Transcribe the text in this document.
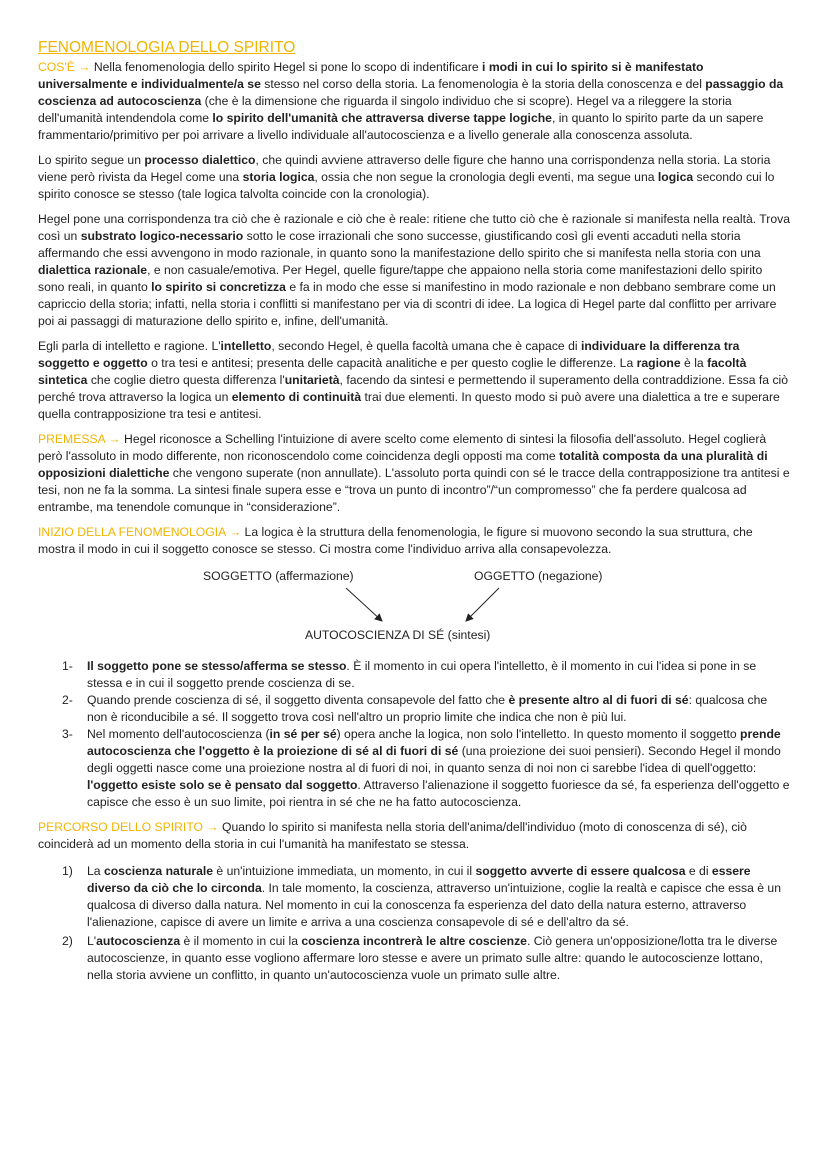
FENOMENOLOGIA DELLO SPIRITO

COS'È → Nella fenomenologia dello spirito Hegel si pone lo scopo di indentificare i modi in cui lo spirito si è manifestato universalmente e individualmente/a se stesso nel corso della storia. La fenomenologia è la storia della conoscenza e del passaggio da coscienza ad autocoscienza (che è la dimensione che riguarda il singolo individuo che si scopre). Hegel va a rileggere la storia dell'umanità intendendola come lo spirito dell'umanità che attraversa diverse tappe logiche, in quanto lo spirito parte da un sapere frammentario/primitivo per poi arrivare a livello individuale all'autocoscienza e a livello generale alla conoscenza assoluta.

Lo spirito segue un processo dialettico, che quindi avviene attraverso delle figure che hanno una corrispondenza nella storia. La storia viene però rivista da Hegel come una storia logica, ossia che non segue la cronologia degli eventi, ma segue una logica secondo cui lo spirito conosce se stesso (tale logica talvolta coincide con la cronologia).

Hegel pone una corrispondenza tra ciò che è razionale e ciò che è reale: ritiene che tutto ciò che è razionale si manifesta nella realtà. Trova così un substrato logico-necessario sotto le cose irrazionali che sono successe, giustificando così gli eventi accaduti nella storia affermando che essi avvengono in modo razionale, in quanto sono la manifestazione dello spirito che si manifesta nella storia con una dialettica razionale, e non casuale/emotiva. Per Hegel, quelle figure/tappe che appaiono nella storia come manifestazioni dello spirito sono reali, in quanto lo spirito si concretizza e fa in modo che esse si manifestino in modo razionale e non debbano sembrare come un capriccio della storia; infatti, nella storia i conflitti si manifestano per via di scontri di idee. La logica di Hegel parte dal conflitto per arrivare poi ai passaggi di maturazione dello spirito e, infine, dell'umanità.

Egli parla di intelletto e ragione. L'intelletto, secondo Hegel, è quella facoltà umana che è capace di individuare la differenza tra soggetto e oggetto o tra tesi e antitesi; presenta delle capacità analitiche e per questo coglie le differenze. La ragione è la facoltà sintetica che coglie dietro questa differenza l'unitarietà, facendo da sintesi e permettendo il superamento della contraddizione. Essa fa ciò perché trova attraverso la logica un elemento di continuità trai due elementi. In questo modo si può avere una dialettica a tre e superare quella contrapposizione tra tesi e antitesi.

PREMESSA → Hegel riconosce a Schelling l'intuizione di avere scelto come elemento di sintesi la filosofia dell'assoluto. Hegel coglierà però l'assoluto in modo differente, non riconoscendolo come coincidenza degli opposti ma come totalità composta da una pluralità di opposizioni dialettiche che vengono superate (non annullate). L'assoluto porta quindi con sé le tracce della contrapposizione tra antitesi e tesi, non ne fa la somma. La sintesi finale supera esse e “trova un punto di incontro”/“un compromesso” che fa perdere qualcosa ad entrambe, ma tenendole comunque in “considerazione”.

INIZIO DELLA FENOMENOLOGIA → La logica è la struttura della fenomenologia, le figure si muovono secondo la sua struttura, che mostra il modo in cui il soggetto conosce se stesso. Ci mostra come l'individuo arriva alla consapevolezza.

SOGGETTO (affermazione)	OGGETTO (negazione)
AUTOCOSCIENZA DI SÉ (sintesi)
1- Il soggetto pone se stesso/afferma se stesso. È il momento in cui opera l'intelletto, è il momento in cui l'idea si pone in se stessa e in cui il soggetto prende coscienza di se.
2- Quando prende coscienza di sé, il soggetto diventa consapevole del fatto che è presente altro al di fuori di sé: qualcosa che non è riconducibile a sé. Il soggetto trova così nell'altro un proprio limite che indica che non è più lui.
3- Nel momento dell'autocoscienza (in sé per sé) opera anche la logica, non solo l'intelletto. In questo momento il soggetto prende autocoscienza che l'oggetto è la proiezione di sé al di fuori di sé (una proiezione dei suoi pensieri). Secondo Hegel il mondo degli oggetti nasce come una proiezione nostra al di fuori di noi, in quanto senza di noi non ci sarebbe l'idea di quell'oggetto: l'oggetto esiste solo se è pensato dal soggetto. Attraverso l'alienazione il soggetto fuoriesce da sé, fa esperienza dell'oggetto e capisce che esso è un suo limite, poi rientra in sé che ne ha fatto autocoscienza.

PERCORSO DELLO SPIRITO → Quando lo spirito si manifesta nella storia dell'anima/dell'individuo (moto di conoscenza di sé), ciò coinciderà ad un momento della storia in cui l'umanità ha manifestato se stessa.

1) La coscienza naturale è un'intuizione immediata, un momento, in cui il soggetto avverte di essere qualcosa e di essere diverso da ciò che lo circonda. In tale momento, la coscienza, attraverso un'intuizione, coglie la realtà e capisce che essa è un qualcosa di diverso dalla natura. Nel momento in cui la conoscenza fa esperienza del dato della natura esterno, attraverso l'alienazione, capisce di avere un limite e arriva a una coscienza consapevole di sé e dell'altro da sé.
2) L'autocoscienza è il momento in cui la coscienza incontrerà le altre coscienze. Ciò genera un'opposizione/lotta tra le diverse autocoscienze, in quanto esse vogliono affermare loro stesse e avere un primato sulle altre: quando le autocoscienze lottano, nella storia avviene un conflitto, in quanto un'autocoscienza vuole un primato sulle altre.
